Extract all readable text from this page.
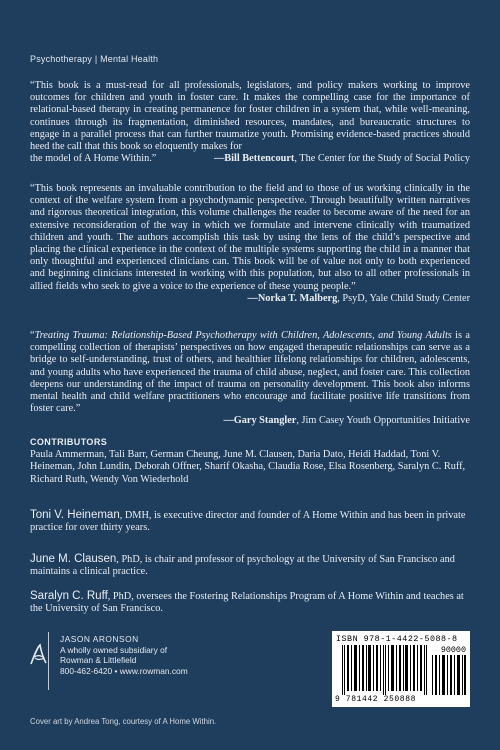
Psychotherapy | Mental Health
“This book is a must-read for all professionals, legislators, and policy makers working to improve outcomes for children and youth in foster care. It makes the compelling case for the importance of relational-based therapy in creating permanence for foster children in a system that, while well-meaning, continues through its fragmentation, diminished resources, mandates, and bureaucratic structures to engage in a parallel process that can further traumatize youth. Promising evidence-based practices should heed the call that this book so eloquently makes for
the model of A Home Within.”	—Bill Bettencourt, The Center for the Study of Social Policy
“This book represents an invaluable contribution to the field and to those of us working clinically in the context of the welfare system from a psychodynamic perspective. Through beautifully written narratives and rigorous theoretical integration, this volume challenges the reader to become aware of the need for an extensive reconsideration of the way in which we formulate and intervene clinically with traumatized children and youth. The authors accomplish this task by using the lens of the child’s perspective and placing the clinical experience in the context of the multiple systems supporting the child in a manner that only thoughtful and experienced clinicians can. This book will be of value not only to both experienced and beginning clinicians interested in working with this population, but also to all other professionals in allied fields who seek to give a voice to the experience of these young people.”
—Norka T. Malberg, PsyD, Yale Child Study Center
“Treating Trauma: Relationship-Based Psychotherapy with Children, Adolescents, and Young Adults is a compelling collection of therapists’ perspectives on how engaged therapeutic relationships can serve as a bridge to self-understanding, trust of others, and healthier lifelong relationships for children, adolescents, and young adults who have experienced the trauma of child abuse, neglect, and foster care. This collection deepens our understanding of the impact of trauma on personality development. This book also informs mental health and child welfare practitioners who encourage and facilitate positive life transitions from foster care.”
—Gary Stangler, Jim Casey Youth Opportunities Initiative
CONTRIBUTORS
Paula Ammerman, Tali Barr, German Cheung, June M. Clausen, Daria Dato, Heidi Haddad, Toni V. Heineman, John Lundin, Deborah Offner, Sharif Okasha, Claudia Rose, Elsa Rosenberg, Saralyn C. Ruff, Richard Ruth, Wendy Von Wiederhold
Toni V. Heineman, DMH, is executive director and founder of A Home Within and has been in private practice for over thirty years.
June M. Clausen, PhD, is chair and professor of psychology at the University of San Francisco and maintains a clinical practice.
Saralyn C. Ruff, PhD, oversees the Fostering Relationships Program of A Home Within and teaches at the University of San Francisco.
JASON ARONSON
A wholly owned subsidiary of
Rowman & Littlefield
800-462-6420 • www.rowman.com
ISBN 978-1-4422-5088-8
90000
9 781442 250888
Cover art by Andrea Tong, courtesy of A Home Within.
